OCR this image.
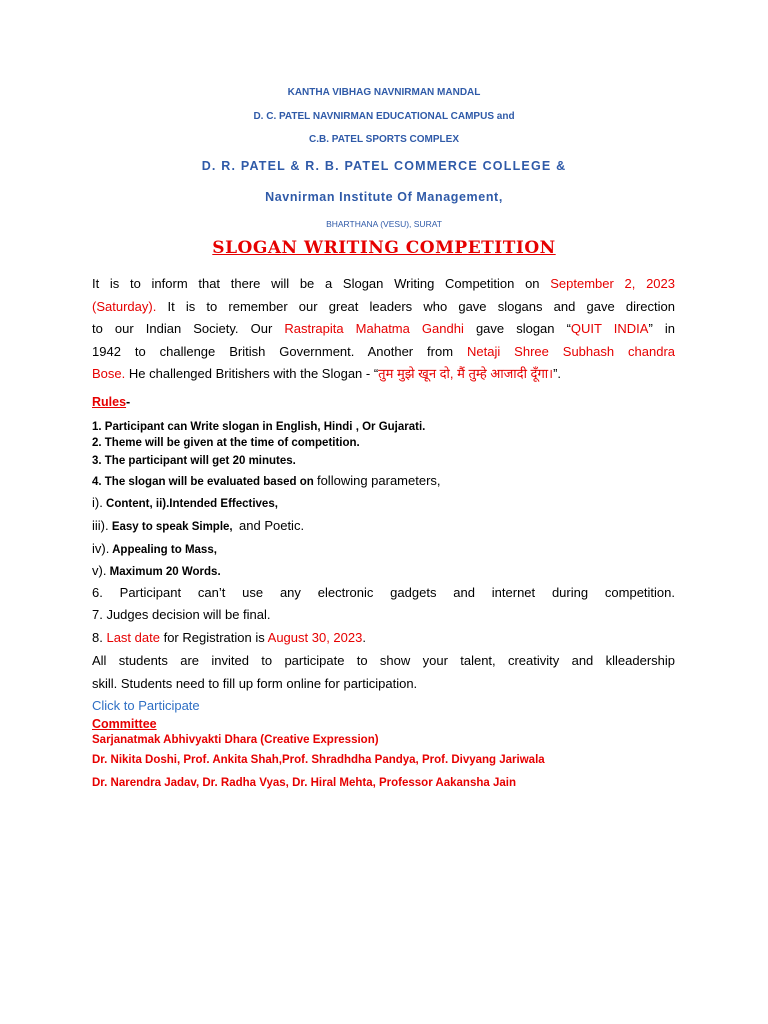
KANTHA VIBHAG NAVNIRMAN MANDAL
D. C. PATEL NAVNIRMAN EDUCATIONAL CAMPUS and
C.B. PATEL SPORTS COMPLEX
D. R. PATEL & R. B. PATEL COMMERCE COLLEGE &
Navnirman Institute Of Management,
BHARTHANA (VESU), SURAT
SLOGAN WRITING COMPETITION
It is to inform that there will be a Slogan Writing Competition on September 2, 2023
(Saturday). It is to remember our great leaders who gave slogans and gave direction
to our Indian Society. Our Rastrapita Mahatma Gandhi gave slogan “QUIT INDIA” in
1942 to challenge British Government. Another from Netaji Shree Subhash chandra
Bose. He challenged Britishers with the Slogan - “तुम मुझे खून दो, मैं तुम्हे आजादी दूँगा।”.
Rules -
1. Participant can Write slogan in English, Hindi , Or Gujarati.
2. Theme will be given at the time of competition.
3. The participant will get 20 minutes.
4. The slogan will be evaluated based on following parameters,
i). Content, ii).Intended Effectives,
iii). Easy to speak Simple, and Poetic.
iv). Appealing to Mass,
v). Maximum 20 Words.
6. Participant can’t use any electronic gadgets and internet during competition.
7. Judges decision will be final.
8. Last date for Registration is August 30, 2023.
All students are invited to participate to show your talent, creativity and klleadership
skill. Students need to fill up form online for participation.
Click to Participate
Committee
Sarjanatmak Abhivyakti Dhara (Creative Expression)
Dr. Nikita Doshi, Prof. Ankita Shah,Prof. Shradhdha Pandya, Prof. Divyang Jariwala
Dr. Narendra Jadav, Dr. Radha Vyas, Dr. Hiral Mehta, Professor Aakansha Jain
